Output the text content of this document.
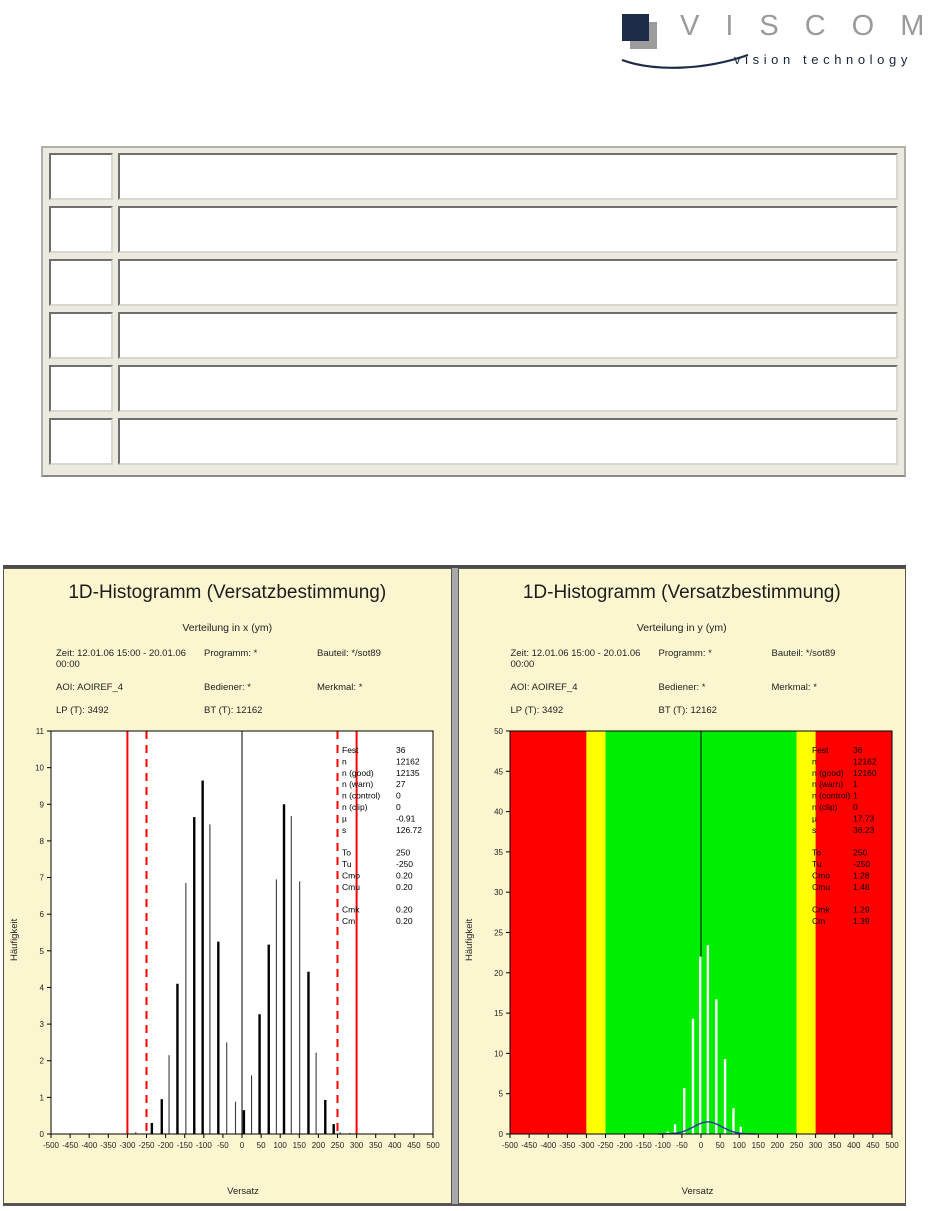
VISCOM
vision technology
1D-Histogramm (Versatzbestimmung)
Verteilung in x (ym)
Zeit: 12.01.06 15:00 - 20.01.06 00:00
Programm: *	Bauteil: */sot89
AOI: AOIREF_4	Bediener: *	Merkmal: *
LP (T): 3492	BT (T): 12162
Häufigkeit
-500 -450 -400 -350 -300 -250 -200 -150 -100 -50 0 50 100 150 200 250 300 350 400 450 500
0
1
2
3
4
5
6
7
8
9
10
11
Fest	36
n	12162
n (good)	12135
n (warn)	27
n (control) 0
n (clip)	0
µ	-0.91
s	126.72
To	250
Tu	-250
Cmo	0.20
Cmu	0.20
Cmk	0.20
Cm	0.20
Versatz
1D-Histogramm (Versatzbestimmung)
Verteilung in y (ym)
Zeit: 12.01.06 15:00 - 20.01.06 00:00
Programm: *	Bauteil: */sot89
AOI: AOIREF_4	Bediener: *	Merkmal: *
LP (T): 3492	BT (T): 12162
Häufigkeit
-500 -450 -400 -350 -300 -250 -200 -150 -100 -50 0 50 100 150 200 250 300 350 400 450 500
0
5
10
15
20
25
30
35
40
45
50
Fest	36
n	12162
n (good) 12160
n (warn) 1
n (control) 1
n (clip) 0
µ	17.73
s	36.23
To	250
Tu	-250
Cmo	1.28
Cmu	1.48
Cmk	1.29
Cm	1.39
Versatz
